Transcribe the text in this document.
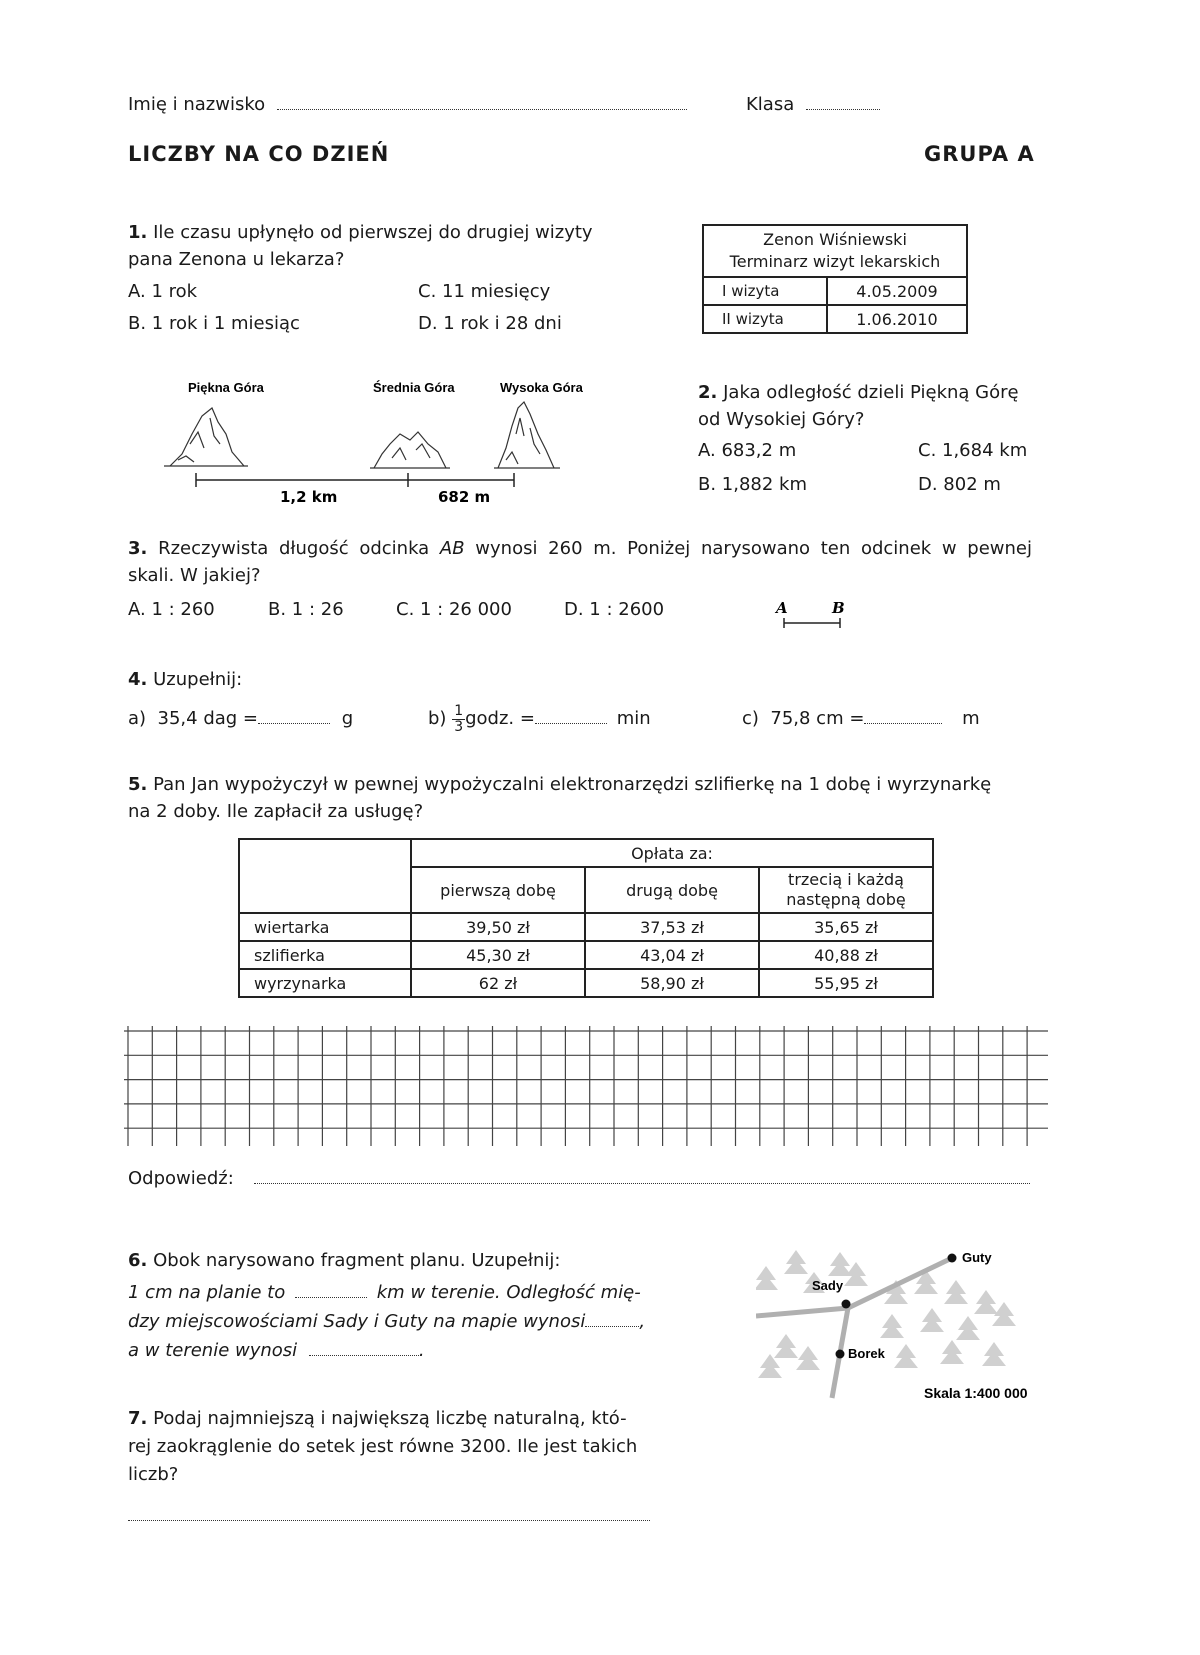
Imię i nazwisko	Klasa
LICZBY NA CO DZIEŃ	GRUPA A
1. Ile czasu upłynęło od pierwszej do drugiej wizyty
pana Zenona u lekarza?
A. 1 rok
B. 1 rok i 1 miesiąc
C. 11 miesięcy
D. 1 rok i 28 dni
Zenon Wiśniewski
Terminarz wizyt lekarskich	
I wizyta	4.05.2009
II wizyta	1.06.2010
Piękna Góra	Średnia Góra	Wysoka Góra
1,2 km	682 m
2. Jaka odległość dzieli Piękną Górę
od Wysokiej Góry?
A. 683,2 m
B. 1,882 km
C. 1,684 km
D. 802 m
3. Rzeczywista długość odcinka AB wynosi 260 m. Poniżej narysowano ten odcinek w pewnej
skali. W jakiej?
A. 1 : 260	B. 1 : 26	C. 1 : 26 000	D. 1 : 2600	A	B
4. Uzupełnij:
a) 35,4 dag =	g	$b) \frac{1}{3}$ godz. =	min	c) 75,8 cm =	m
5. Pan Jan wypożyczył w pewnej wypożyczalni elektronarzędzi szlifierkę na 1 dobę i wyrzynarkę
na 2 doby. Ile zapłacił za usługę?
	Opłata za:		
	pierwszą dobę	drugą dobę	trzecią i każdą
następną dobę
wiertarka	39,50 zł	37,53 zł	35,65 zł
szlifierka	45,30 zł	43,04 zł	40,88 zł
wyrzynarka	62 zł	58,90 zł	55,95 zł
Odpowiedź:
6. Obok narysowano fragment planu. Uzupełnij:
1 cm na planie to	km w terenie. Odległość mię-
dzy miejscowościami Sady i Guty na mapie wynosi	,
a w terenie wynosi	.
Guty
Sady
Borek
Skala 1:400 000
7. Podaj najmniejszą i największą liczbę naturalną, któ-
rej zaokrąglenie do setek jest równe 3200. Ile jest takich
liczb?
